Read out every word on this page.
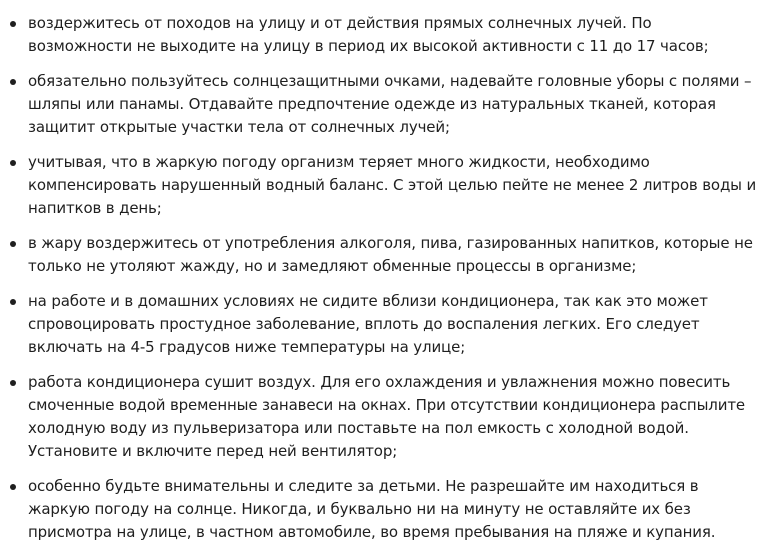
воздержитесь от походов на улицу и от действия прямых солнечных лучей. По возможности не выходите на улицу в период их высокой активности с 11 до 17 часов;
обязательно пользуйтесь солнцезащитными очками, надевайте головные уборы с полями – шляпы или панамы. Отдавайте предпочтение одежде из натуральных тканей, которая защитит открытые участки тела от солнечных лучей;
учитывая, что в жаркую погоду организм теряет много жидкости, необходимо компенсировать нарушенный водный баланс. С этой целью пейте не менее 2 литров воды и напитков в день;
в жару воздержитесь от употребления алкоголя, пива, газированных напитков, которые не только не утоляют жажду, но и замедляют обменные процессы в организме;
на работе и в домашних условиях не сидите вблизи кондиционера, так как это может спровоцировать простудное заболевание, вплоть до воспаления легких. Его следует включать на 4-5 градусов ниже температуры на улице;
работа кондиционера сушит воздух. Для его охлаждения и увлажнения можно повесить смоченные водой временные занавеси на окнах. При отсутствии кондиционера распылите холодную воду из пульверизатора или поставьте на пол емкость с холодной водой. Установите и включите перед ней вентилятор;
особенно будьте внимательны и следите за детьми. Не разрешайте им находиться в жаркую погоду на солнце. Никогда, и буквально ни на минуту не оставляйте их без присмотра на улице, в частном автомобиле, во время пребывания на пляже и купания.
